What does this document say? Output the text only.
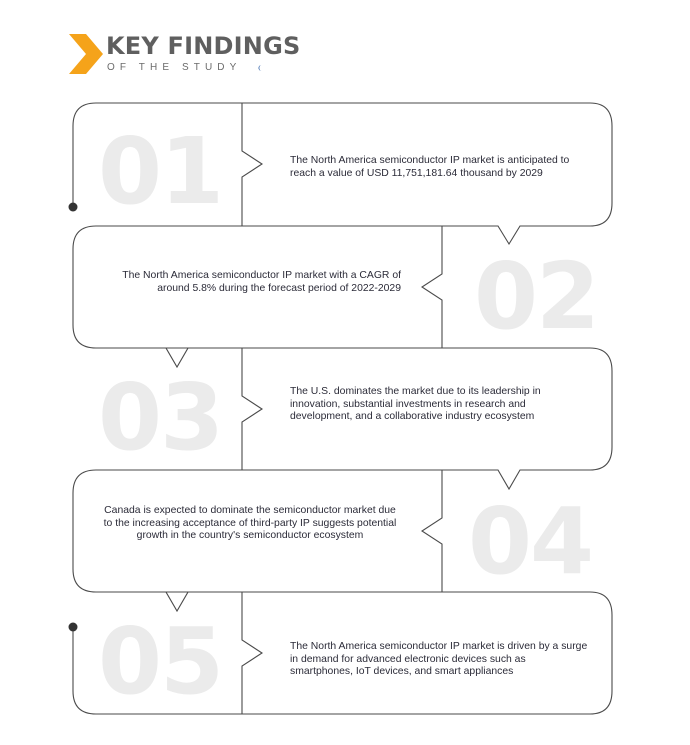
KEY FINDINGS
OF THE STUDY
01
02
03
04
05
The North America semiconductor IP market is anticipated to reach a value of USD 11,751,181.64 thousand by 2029
The North America semiconductor IP market with a CAGR of around 5.8% during the forecast period of 2022-2029
The U.S. dominates the market due to its leadership in innovation, substantial investments in research and development, and a collaborative industry ecosystem
Canada is expected to dominate the semiconductor market due to the increasing acceptance of third-party IP suggests potential growth in the country's semiconductor ecosystem
The North America semiconductor IP market is driven by a surge in demand for advanced electronic devices such as smartphones, IoT devices, and smart appliances
